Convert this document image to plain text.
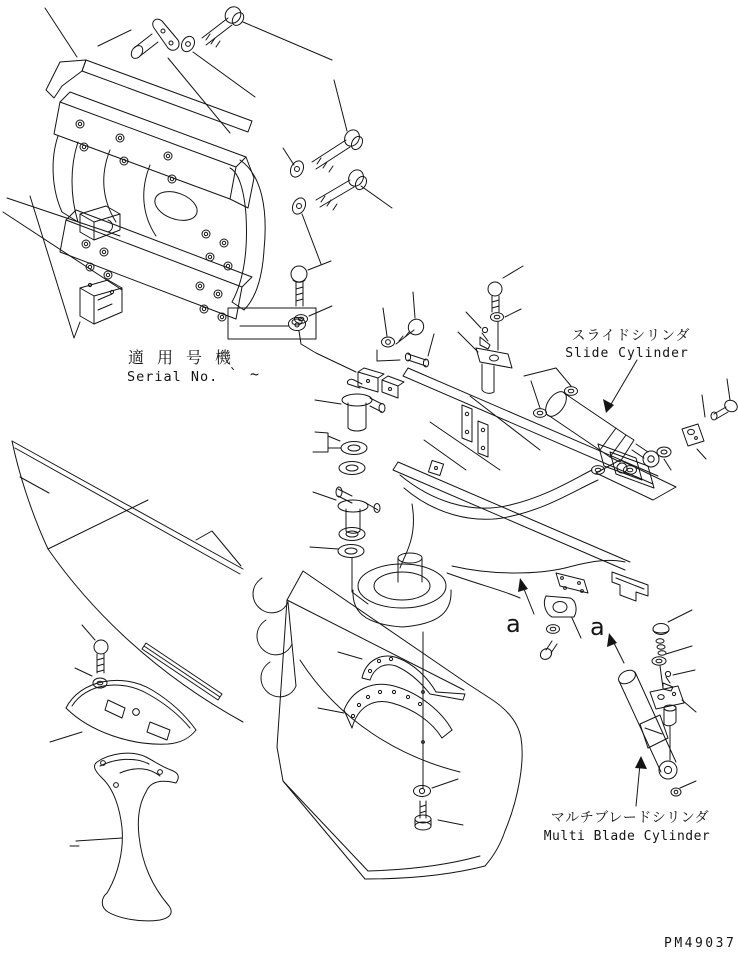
スライドシリンダ
Slide Cylinder
a	a
マルチブレードシリンダ
Multi Blade Cylinder
適用号機
Serial No. ` ~
PM49037
